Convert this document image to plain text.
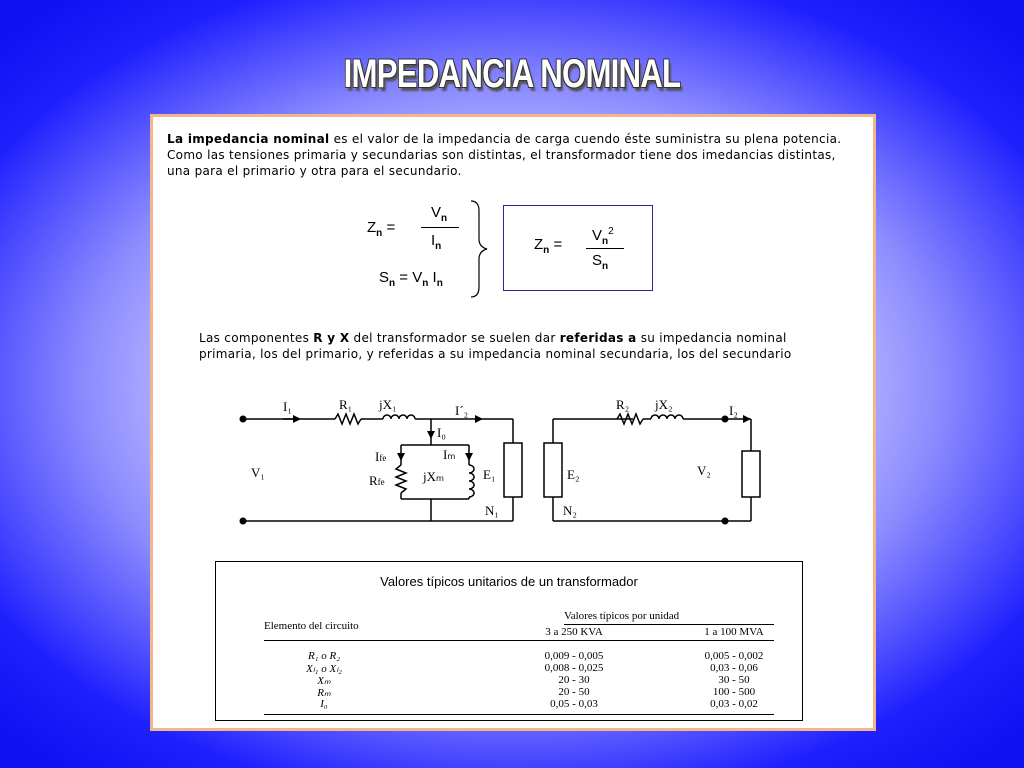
IMPEDANCIA NOMINAL
La impedancia nominal es el valor de la impedancia de carga cuendo éste suministra su plena potencia.
Como las tensiones primaria y secundarias son distintas, el transformador tiene dos imedancias distintas,
una para el primario y otra para el secundario.
$Z_n$ =
$V_n$
$I_n$
$S_n = V_n$ $I_n$
$Z_n$ =
$V_n^2$
$S_n$
Las componentes R y X del transformador se suelen dar referidas a su impedancia nominal
primaria, los del primario, y referidas a su impedancia nominal secundaria, los del secundario
I₁	R₁ jX₁	I´₂
I₀
Ife	Iₘ
Rfe	jXₘ
V₁	E₁
N₁
R₂ jX₂	I₂
E₂	V₂
N₂
Valores típicos unitarios de un transformador
Valores típicos por unidad
Elemento del circuito	3 a 250 KVA	1 a 100 MVA
R₁ o R₂	0,009 - 0,005	0,005 - 0,002
Xₗ₁ o Xₗ₂	0,008 - 0,025	0,03 - 0,06
Xₘ	20 - 30	30 - 50
Rₘ	20 - 50	100 - 500
I₀	0,05 - 0,03	0,03 - 0,02
